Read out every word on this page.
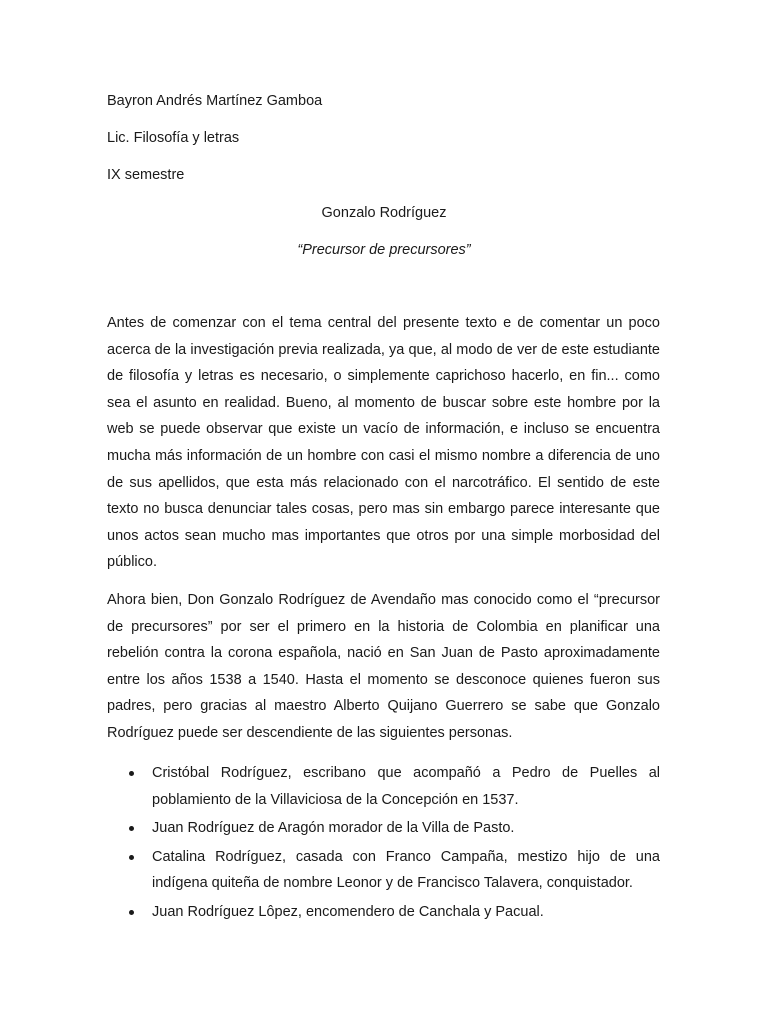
Bayron Andrés Martínez Gamboa
Lic. Filosofía y letras
IX semestre
Gonzalo Rodríguez
“Precursor de precursores”

Antes de comenzar con el tema central del presente texto e de comentar un poco acerca de la investigación previa realizada, ya que, al modo de ver de este estudiante de filosofía y letras es necesario, o simplemente caprichoso hacerlo, en fin... como sea el asunto en realidad. Bueno, al momento de buscar sobre este hombre por la web se puede observar que existe un vacío de información, e incluso se encuentra mucha más información de un hombre con casi el mismo nombre a diferencia de uno de sus apellidos, que esta más relacionado con el narcotráfico. El sentido de este texto no busca denunciar tales cosas, pero mas sin embargo parece interesante que unos actos sean mucho mas importantes que otros por una simple morbosidad del público.

Ahora bien, Don Gonzalo Rodríguez de Avendaño mas conocido como el “precursor de precursores” por ser el primero en la historia de Colombia en planificar una rebelión contra la corona española, nació en San Juan de Pasto aproximadamente entre los años 1538 a 1540. Hasta el momento se desconoce quienes fueron sus padres, pero gracias al maestro Alberto Quijano Guerrero se sabe que Gonzalo Rodríguez puede ser descendiente de las siguientes personas.

Cristóbal Rodríguez, escribano que acompañó a Pedro de Puelles al poblamiento de la Villaviciosa de la Concepción en 1537.
Juan Rodríguez de Aragón morador de la Villa de Pasto.
Catalina Rodríguez, casada con Franco Campaña, mestizo hijo de una indígena quiteña de nombre Leonor y de Francisco Talavera, conquistador.
Juan Rodríguez Lôpez, encomendero de Canchala y Pacual.
